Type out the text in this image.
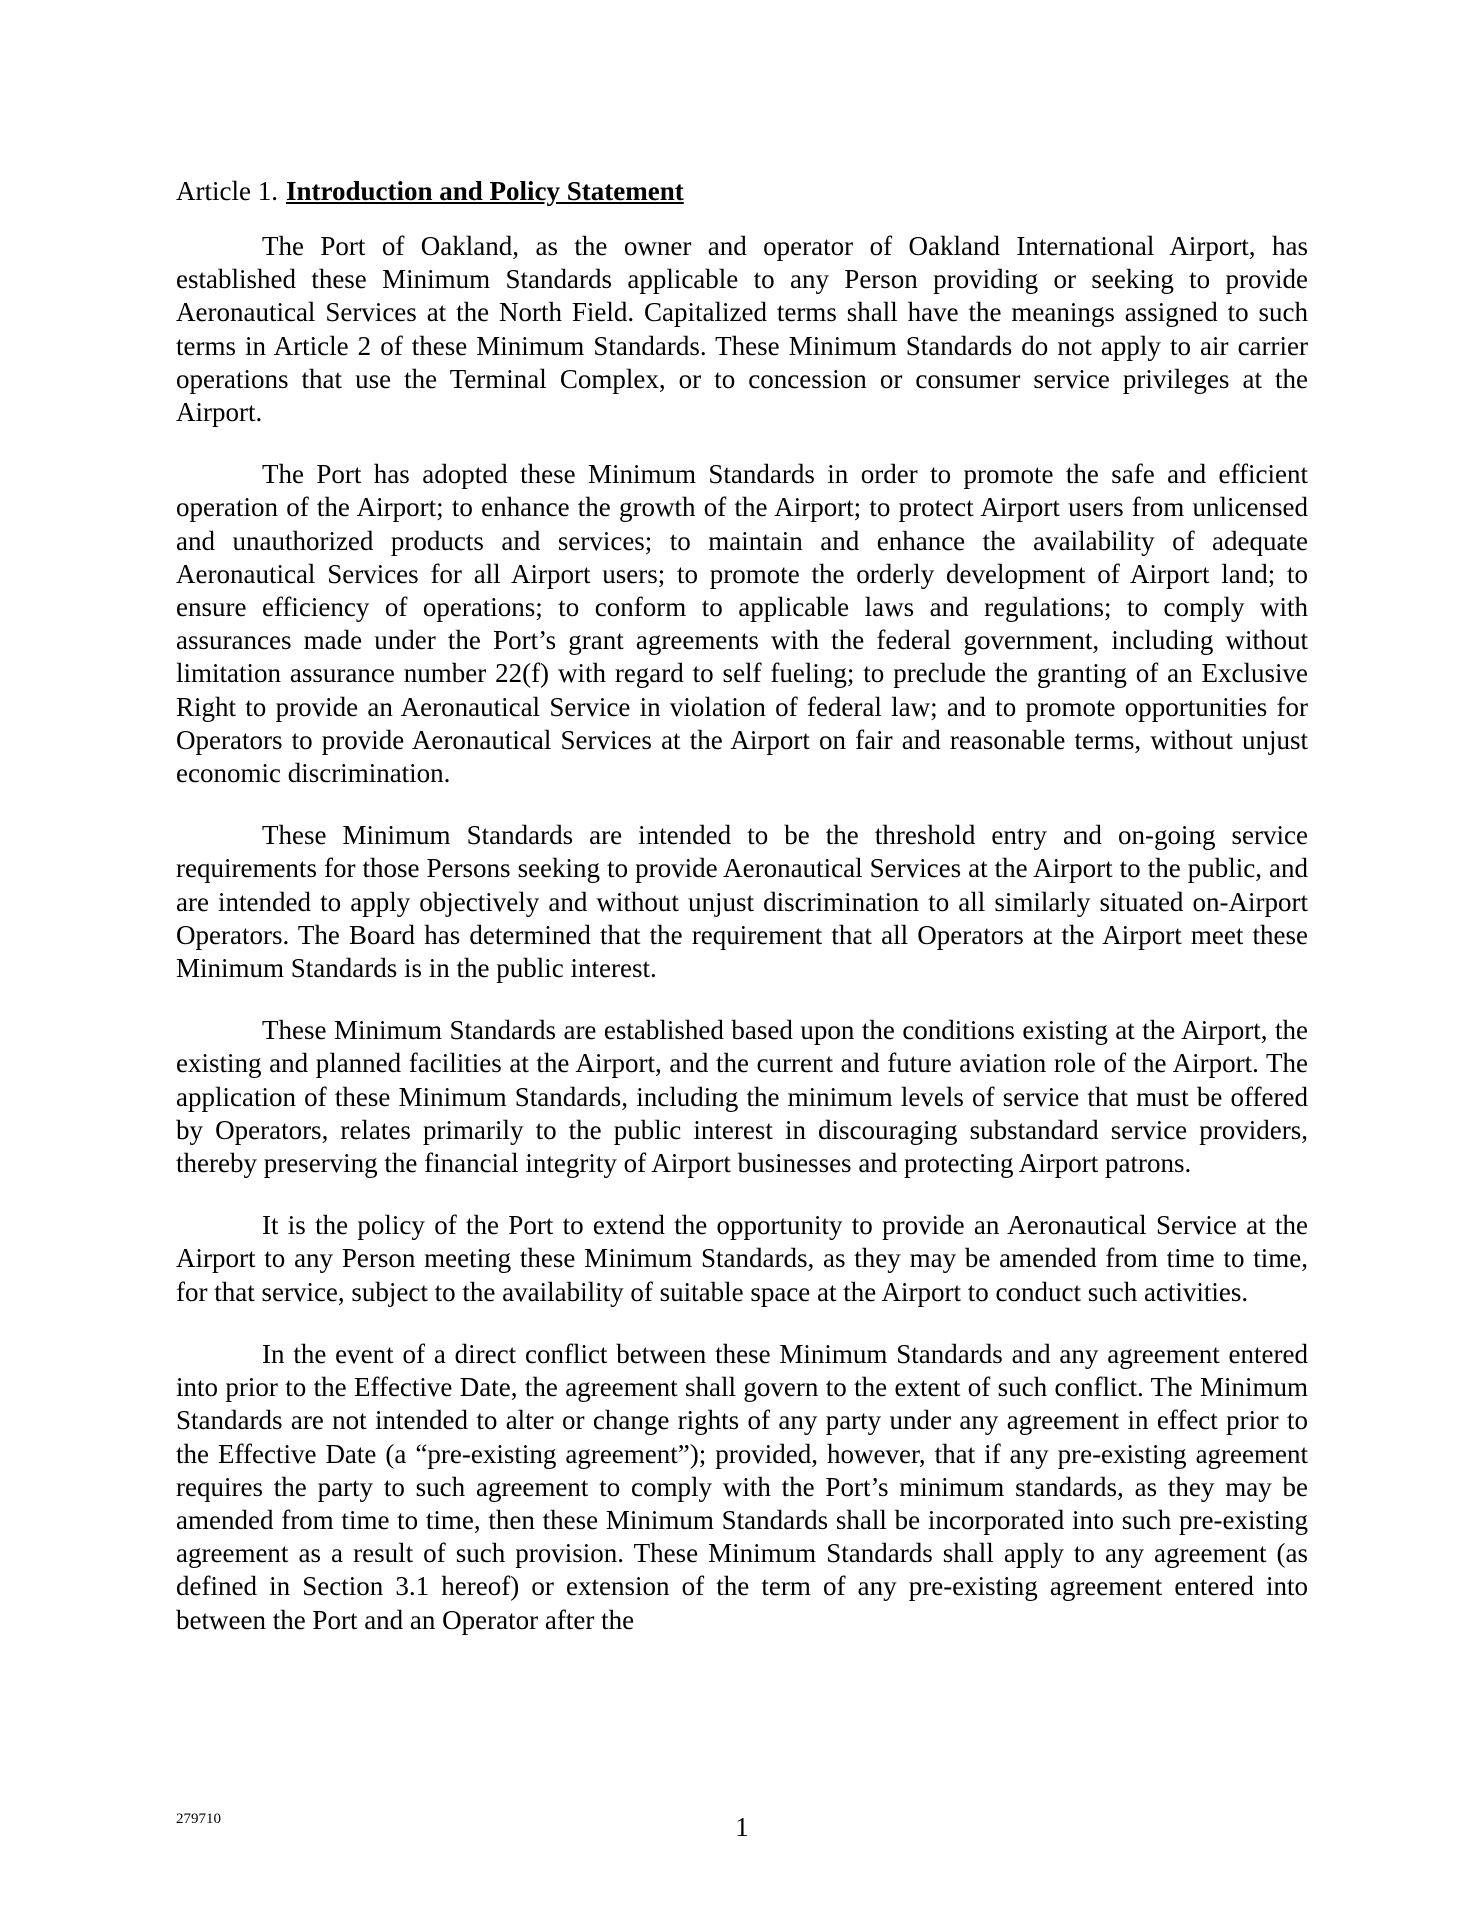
Article 1. Introduction and Policy Statement

The Port of Oakland, as the owner and operator of Oakland International Airport, has established these Minimum Standards applicable to any Person providing or seeking to provide Aeronautical Services at the North Field. Capitalized terms shall have the meanings assigned to such terms in Article 2 of these Minimum Standards. These Minimum Standards do not apply to air carrier operations that use the Terminal Complex, or to concession or consumer service privileges at the Airport.

The Port has adopted these Minimum Standards in order to promote the safe and efficient operation of the Airport; to enhance the growth of the Airport; to protect Airport users from unlicensed and unauthorized products and services; to maintain and enhance the availability of adequate Aeronautical Services for all Airport users; to promote the orderly development of Airport land; to ensure efficiency of operations; to conform to applicable laws and regulations; to comply with assurances made under the Port’s grant agreements with the federal government, including without limitation assurance number 22(f) with regard to self fueling; to preclude the granting of an Exclusive Right to provide an Aeronautical Service in violation of federal law; and to promote opportunities for Operators to provide Aeronautical Services at the Airport on fair and reasonable terms, without unjust economic discrimination.

These Minimum Standards are intended to be the threshold entry and on-going service requirements for those Persons seeking to provide Aeronautical Services at the Airport to the public, and are intended to apply objectively and without unjust discrimination to all similarly situated on-Airport Operators. The Board has determined that the requirement that all Operators at the Airport meet these Minimum Standards is in the public interest.

These Minimum Standards are established based upon the conditions existing at the Airport, the existing and planned facilities at the Airport, and the current and future aviation role of the Airport. The application of these Minimum Standards, including the minimum levels of service that must be offered by Operators, relates primarily to the public interest in discouraging substandard service providers, thereby preserving the financial integrity of Airport businesses and protecting Airport patrons.

It is the policy of the Port to extend the opportunity to provide an Aeronautical Service at the Airport to any Person meeting these Minimum Standards, as they may be amended from time to time, for that service, subject to the availability of suitable space at the Airport to conduct such activities.

In the event of a direct conflict between these Minimum Standards and any agreement entered into prior to the Effective Date, the agreement shall govern to the extent of such conflict. The Minimum Standards are not intended to alter or change rights of any party under any agreement in effect prior to the Effective Date (a “pre-existing agreement”); provided, however, that if any pre-existing agreement requires the party to such agreement to comply with the Port’s minimum standards, as they may be amended from time to time, then these Minimum Standards shall be incorporated into such pre-existing agreement as a result of such provision. These Minimum Standards shall apply to any agreement (as defined in Section 3.1 hereof) or extension of the term of any pre-existing agreement entered into between the Port and an Operator after the

279710	1
